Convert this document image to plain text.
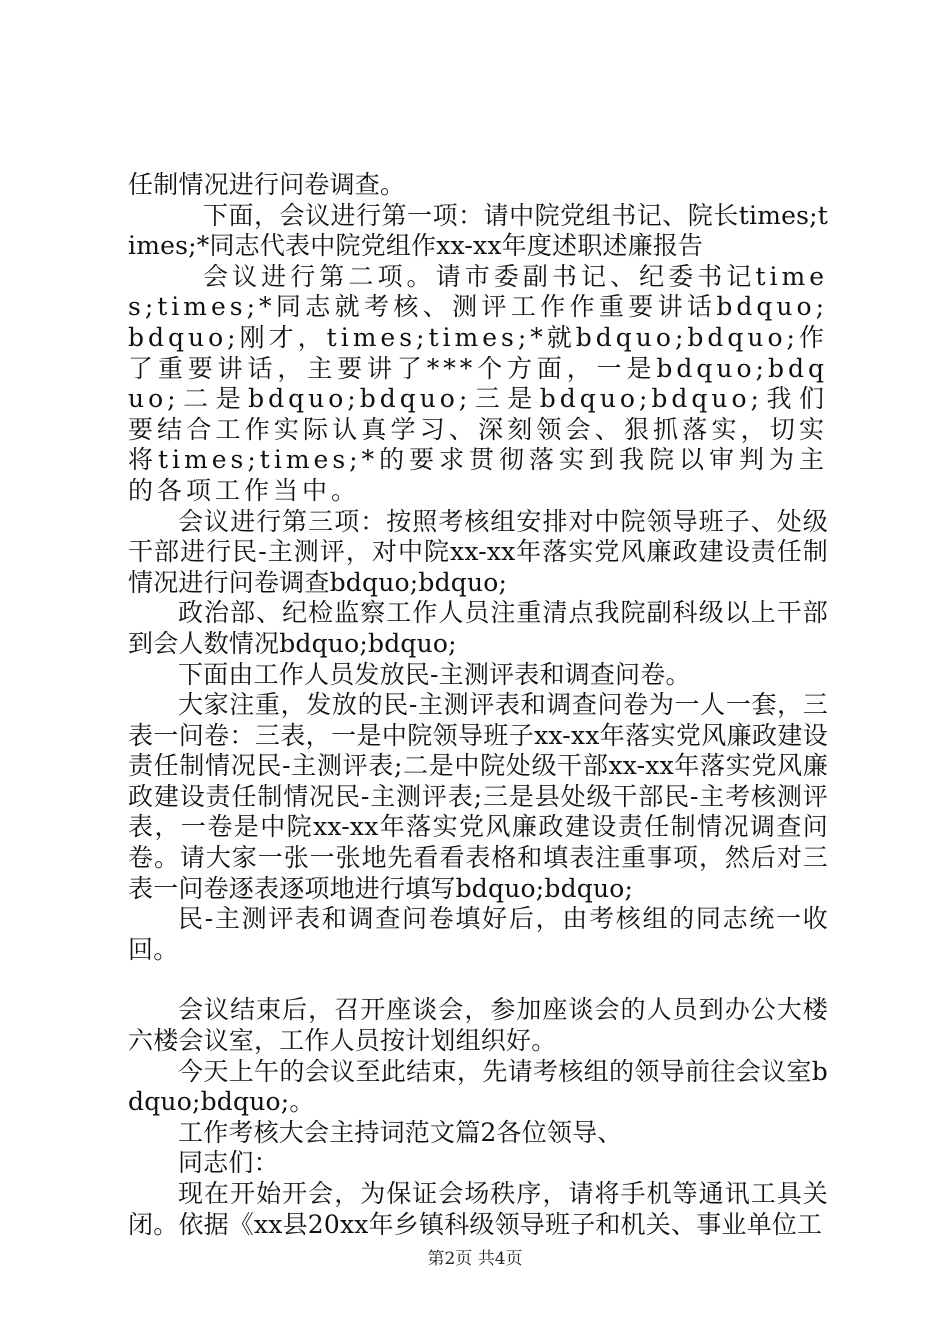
任制情况进行问卷调查。

下面，会议进行第一项：请中院党组书记、院长times;times;*同志代表中院党组作xx-xx年度述职述廉报告

会议进行第二项。请市委副书记、纪委书记times;times;*同志就考核、测评工作作重要讲话bdquo;bdquo;刚才，times;times;*就bdquo;bdquo;作了重要讲话，主要讲了***个方面，一是bdquo;bdquo;二是bdquo;bdquo;三是bdquo;bdquo;我们要结合工作实际认真学习、深刻领会、狠抓落实，切实将times;times;*的要求贯彻落实到我院以审判为主的各项工作当中。

会议进行第三项：按照考核组安排对中院领导班子、处级干部进行民-主测评，对中院xx-xx年落实党风廉政建设责任制情况进行问卷调查bdquo;bdquo;

政治部、纪检监察工作人员注重清点我院副科级以上干部到会人数情况bdquo;bdquo;

下面由工作人员发放民-主测评表和调查问卷。

大家注重，发放的民-主测评表和调查问卷为一人一套，三表一问卷：三表，一是中院领导班子xx-xx年落实党风廉政建设责任制情况民-主测评表;二是中院处级干部xx-xx年落实党风廉政建设责任制情况民-主测评表;三是县处级干部民-主考核测评表，一卷是中院xx-xx年落实党风廉政建设责任制情况调查问卷。请大家一张一张地先看看表格和填表注重事项，然后对三表一问卷逐表逐项地进行填写bdquo;bdquo;

民-主测评表和调查问卷填好后，由考核组的同志统一收回。

会议结束后，召开座谈会，参加座谈会的人员到办公大楼六楼会议室，工作人员按计划组织好。

今天上午的会议至此结束，先请考核组的领导前往会议室bdquo;bdquo;。

工作考核大会主持词范文篇2各位领导、

同志们：

现在开始开会，为保证会场秩序，请将手机等通讯工具关闭。依据《xx县20xx年乡镇科级领导班子和机关、事业单位工

第2页 共4页
